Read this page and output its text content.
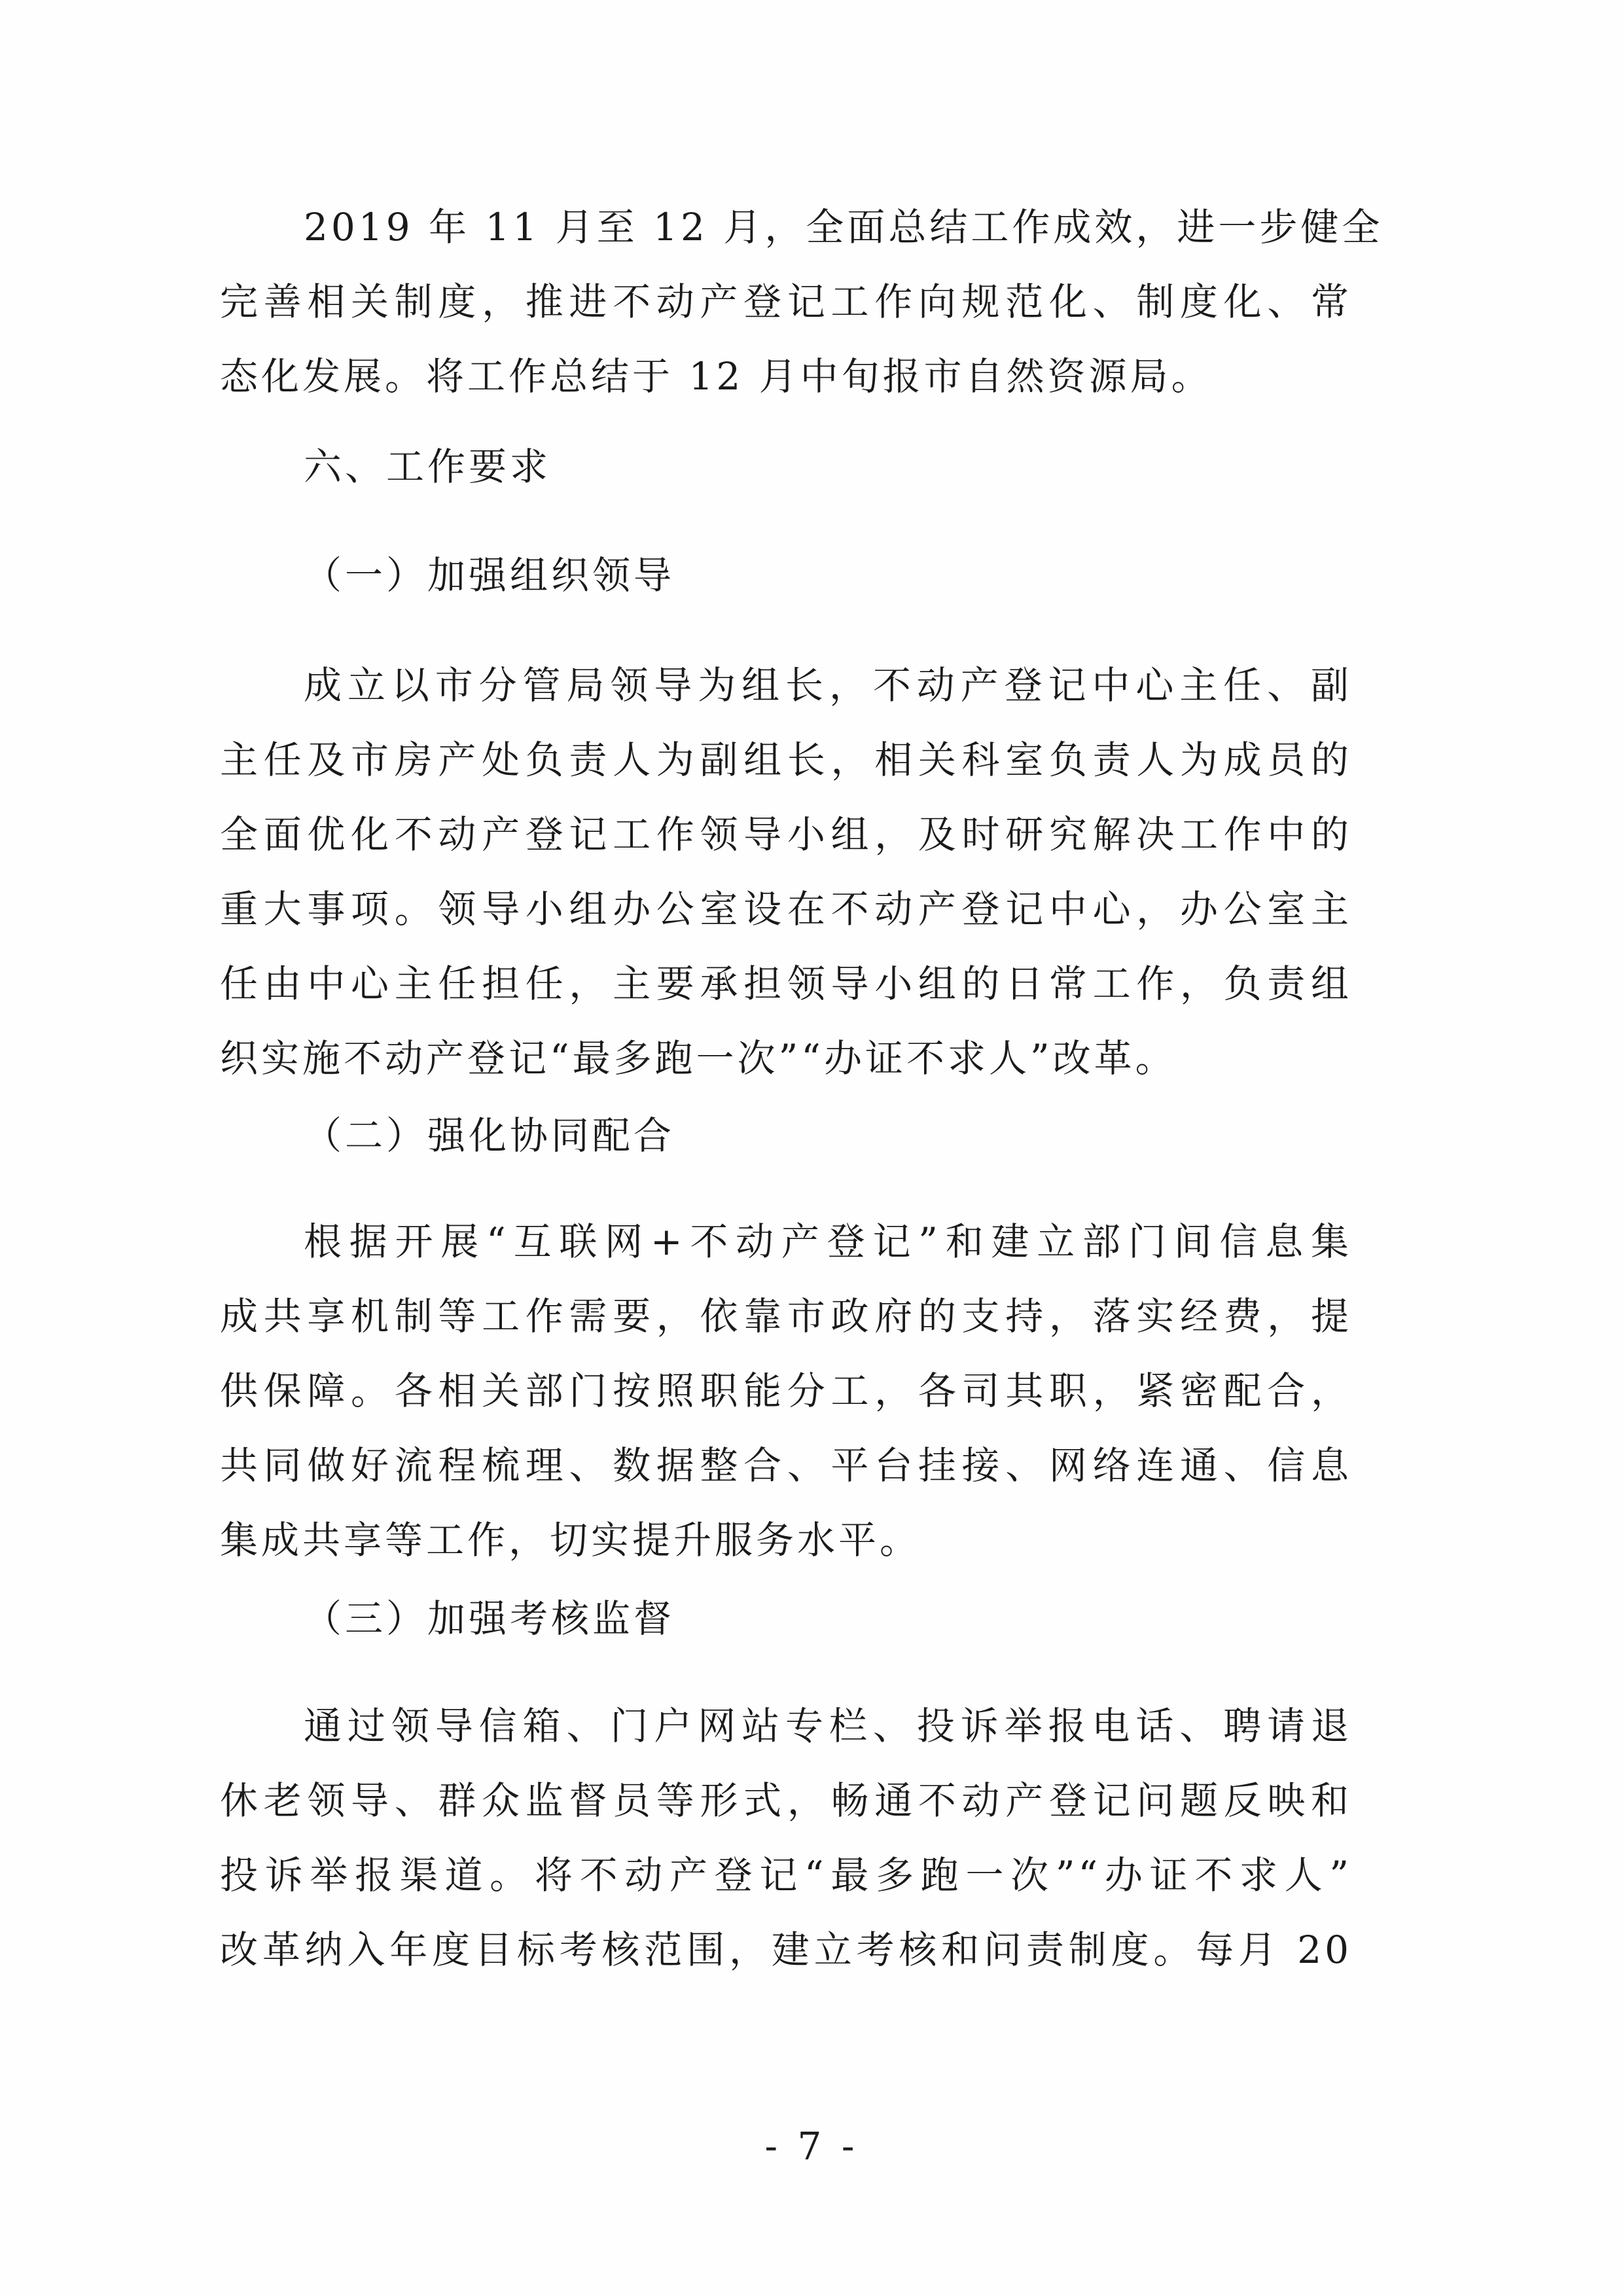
2019 年 11 月至 12 月，全面总结工作成效，进一步健全
完善相关制度，推进不动产登记工作向规范化、制度化、常
态化发展。将工作总结于 12 月中旬报市自然资源局。
六、工作要求
（一）加强组织领导
成立以市分管局领导为组长，不动产登记中心主任、副
主任及市房产处负责人为副组长，相关科室负责人为成员的
全面优化不动产登记工作领导小组，及时研究解决工作中的
重大事项。领导小组办公室设在不动产登记中心，办公室主
任由中心主任担任，主要承担领导小组的日常工作，负责组
织实施不动产登记“最多跑一次”“办证不求人”改革。
（二）强化协同配合
根据开展“互联网+不动产登记”和建立部门间信息集
成共享机制等工作需要，依靠市政府的支持，落实经费，提
供保障。各相关部门按照职能分工，各司其职，紧密配合，
共同做好流程梳理、数据整合、平台挂接、网络连通、信息
集成共享等工作，切实提升服务水平。
（三）加强考核监督
通过领导信箱、门户网站专栏、投诉举报电话、聘请退
休老领导、群众监督员等形式，畅通不动产登记问题反映和
投诉举报渠道。将不动产登记“最多跑一次”“办证不求人”
改革纳入年度目标考核范围，建立考核和问责制度。每月 20
- 7 -
